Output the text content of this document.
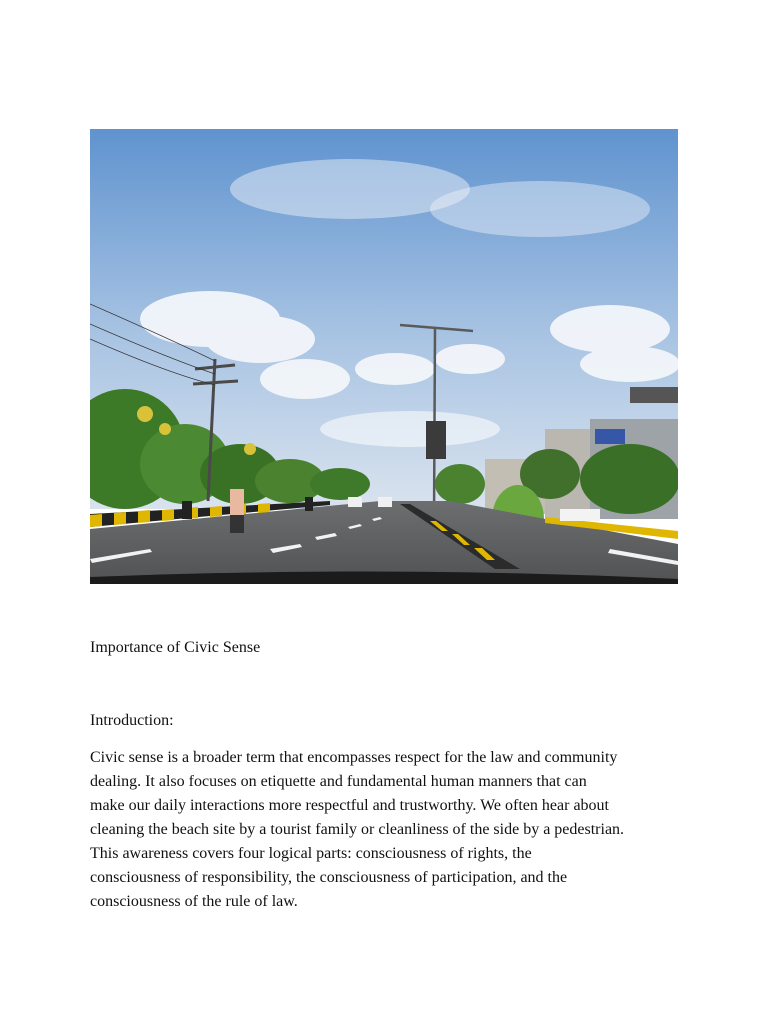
Importance of Civic Sense
Introduction:

Civic sense is a broader term that encompasses respect for the law and community
dealing. It also focuses on etiquette and fundamental human manners that can
make our daily interactions more respectful and trustworthy. We often hear about
cleaning the beach site by a tourist family or cleanliness of the side by a pedestrian.
This awareness covers four logical parts: consciousness of rights, the
consciousness of responsibility, the consciousness of participation, and the
consciousness of the rule of law.
